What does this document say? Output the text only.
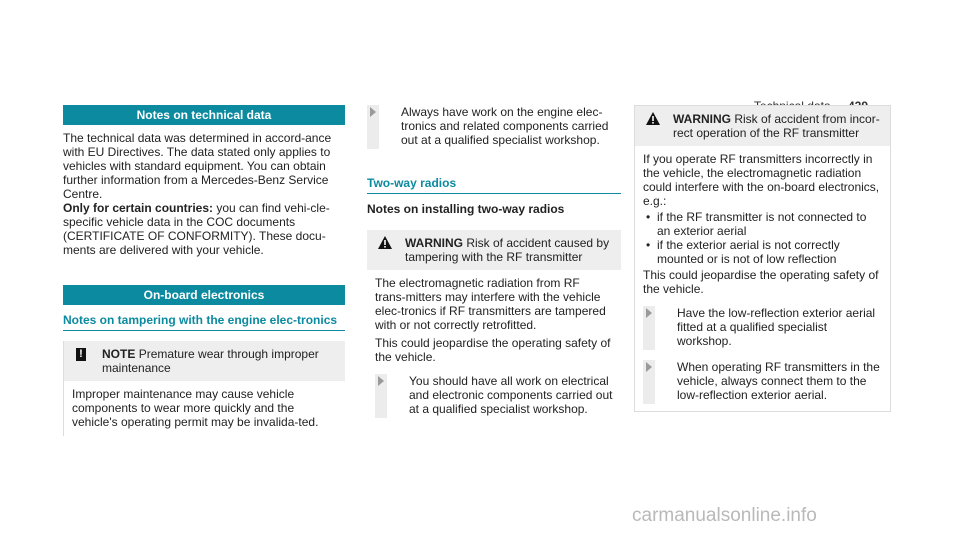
Notes on technical data

The technical data was determined in accord-ance with EU Directives. The data stated only applies to vehicles with standard equipment. You can obtain further information from a Mercedes-Benz Service Centre.

Only for certain countries: you can find vehi-cle-specific vehicle data in the COC documents (CERTIFICATE OF CONFORMITY). These docu-ments are delivered with your vehicle.

On-board electronics
Notes on tampering with the engine elec-tronics
! NOTE Premature wear through improper maintenance
Improper maintenance may cause vehicle components to wear more quickly and the vehicle's operating permit may be invalida-ted.
Always have work on the engine elec-tronics and related components carried out at a qualified specialist workshop.
Two-way radios

Notes on installing two-way radios

WARNING Risk of accident caused by tampering with the RF transmitter

The electromagnetic radiation from RF trans-mitters may interfere with the vehicle elec-tronics if RF transmitters are tampered with or not correctly retrofitted.

This could jeopardise the operating safety of the vehicle.

You should have all work on electrical and electronic components carried out at a qualified specialist workshop.
WARNING Risk of accident from incor-rect operation of the RF transmitter

If you operate RF transmitters incorrectly in the vehicle, the electromagnetic radiation could interfere with the on-board electronics, e.g.:

• if the RF transmitter is not connected to an exterior aerial
• if the exterior aerial is not correctly mounted or is not of low reflection

This could jeopardise the operating safety of the vehicle.

Have the low-reflection exterior aerial fitted at a qualified specialist workshop.
When operating RF transmitters in the vehicle, always connect them to the low-reflection exterior aerial.
carmanualsonline.info
